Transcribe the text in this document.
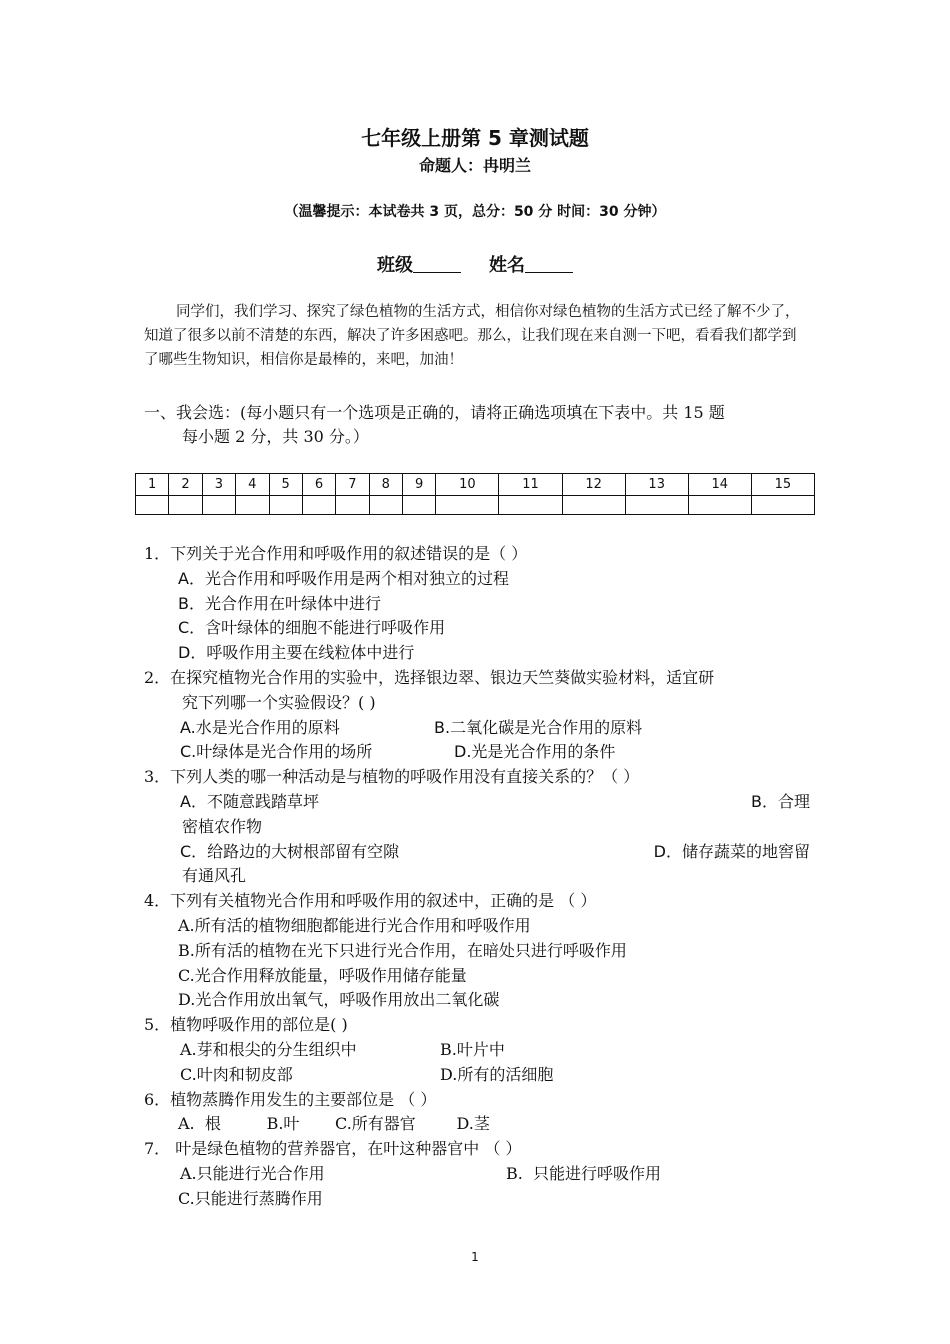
七年级上册第 5 章测试题
命题人：冉明兰
（温馨提示：本试卷共 3 页，总分：50 分 时间：30 分钟）
班级	姓名
同学们，我们学习、探究了绿色植物的生活方式，相信你对绿色植物的生活方式已经了解不少了，知道了很多以前不清楚的东西，解决了许多困惑吧。那么，让我们现在来自测一下吧，看看我们都学到了哪些生物知识，相信你是最棒的，来吧，加油！
一、我会选：(每小题只有一个选项是正确的，请将正确选项填在下表中。共 15 题
每小题 2 分，共 30 分。）
1	2	3	4	5	6	7	8	9	10	11	12	13	14	15

1．下列关于光合作用和呼吸作用的叙述错误的是（ ）
A．光合作用和呼吸作用是两个相对独立的过程
B．光合作用在叶绿体中进行
C．含叶绿体的细胞不能进行呼吸作用
D．呼吸作用主要在线粒体中进行
2．在探究植物光合作用的实验中，选择银边翠、银边天竺葵做实验材料，适宜研
究下列哪一个实验假设？( )
A.水是光合作用的原料	B.二氧化碳是光合作用的原料
C.叶绿体是光合作用的场所	D.光是光合作用的条件
3．下列人类的哪一种活动是与植物的呼吸作用没有直接关系的？（ ）
A．不随意践踏草坪	B．合理
密植农作物
C．给路边的大树根部留有空隙	D．储存蔬菜的地窖留
有通风孔
4．下列有关植物光合作用和呼吸作用的叙述中，正确的是 （ ）
A.所有活的植物细胞都能进行光合作用和呼吸作用
B.所有活的植物在光下只进行光合作用，在暗处只进行呼吸作用
C.光合作用释放能量，呼吸作用储存能量
D.光合作用放出氧气，呼吸作用放出二氧化碳
5．植物呼吸作用的部位是( )
A.芽和根尖的分生组织中	B.叶片中
C.叶肉和韧皮部	D.所有的活细胞
6．植物蒸腾作用发生的主要部位是 （ ）
A.  根         B.叶       C.所有器官        D.茎
7． 叶是绿色植物的营养器官，在叶这种器官中 （ ）
A.只能进行光合作用	B.  只能进行呼吸作用
C.只能进行蒸腾作用
1
